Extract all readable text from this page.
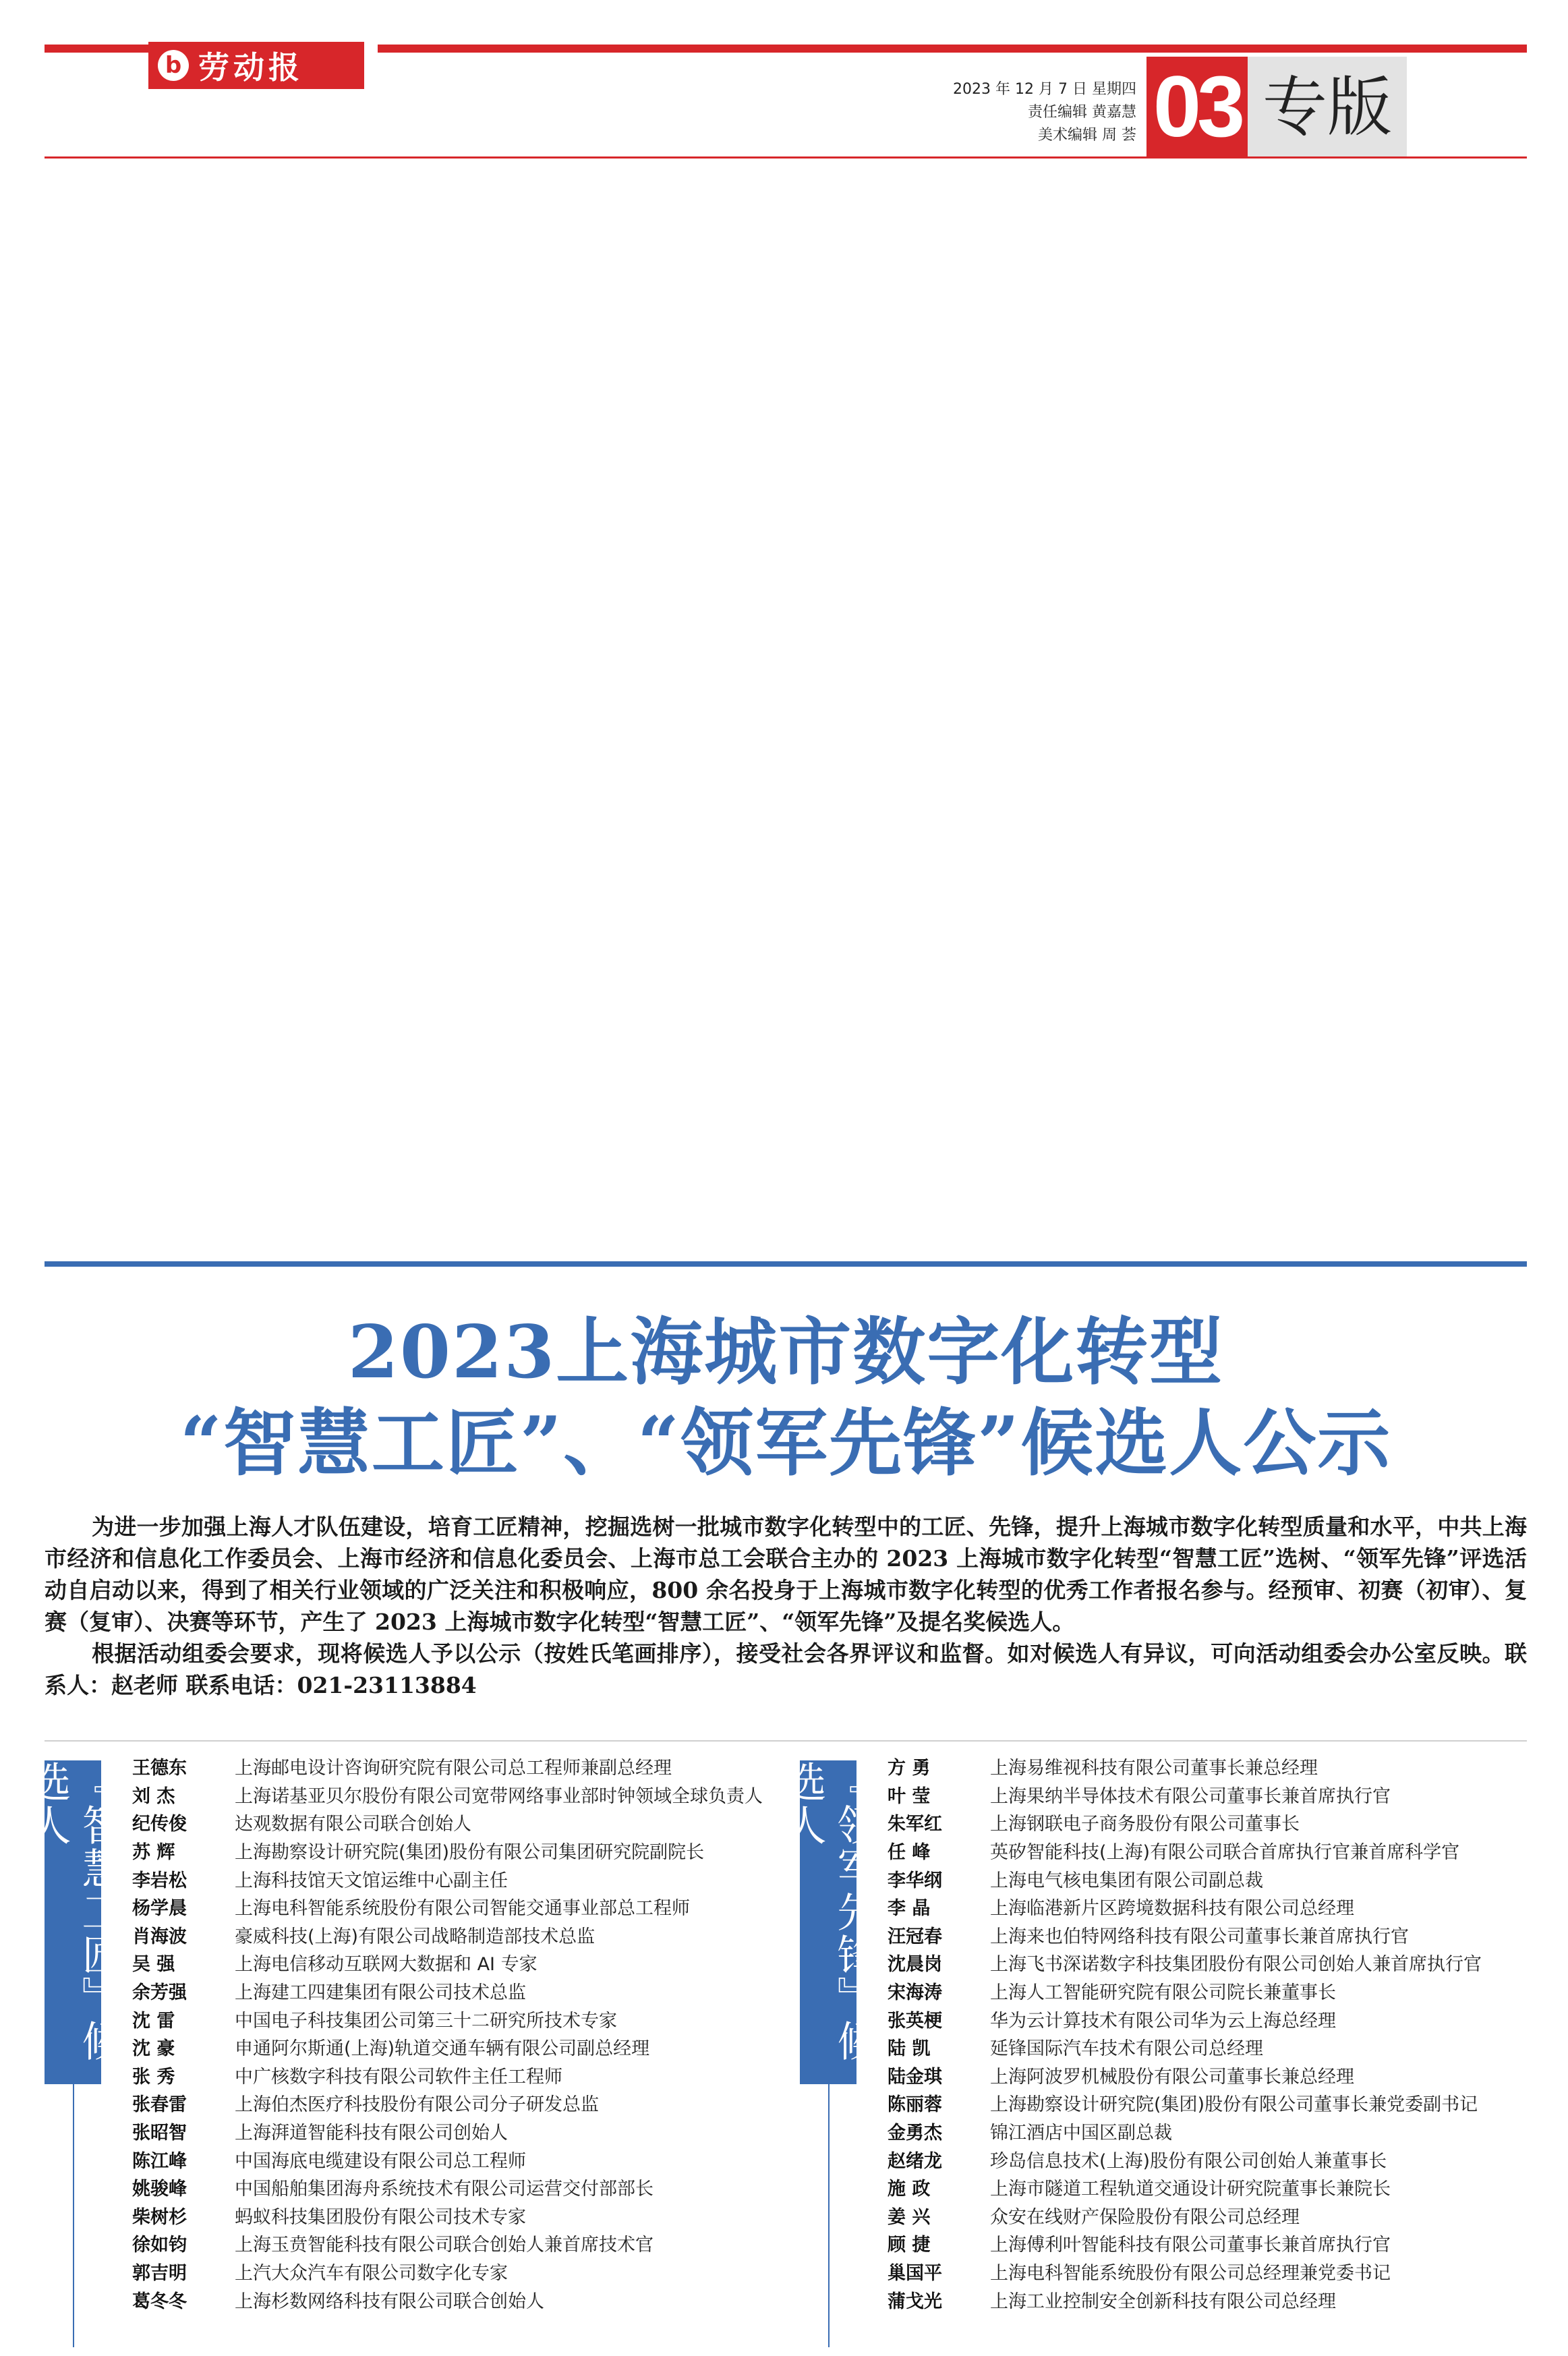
b 劳动报
2023 年 12 月 7 日 星期四
责任编辑 黄嘉慧
美术编辑 周 荟 03 专版
2023上海城市数字化转型
“智慧工匠”、“领军先锋”候选人公示

为进一步加强上海人才队伍建设，培育工匠精神，挖掘选树一批城市数字化转型中的工匠、先锋，提升上海城市数字化转型质量和水平，中共上海市经济和信息化工作委员会、上海市经济和信息化委员会、上海市总工会联合主办的 2023 上海城市数字化转型“智慧工匠”选树、“领军先锋”评选活动自启动以来，得到了相关行业领域的广泛关注和积极响应，800 余名投身于上海城市数字化转型的优秀工作者报名参与。经预审、初赛（初审）、复赛（复审）、决赛等环节，产生了 2023 上海城市数字化转型“智慧工匠”、“领军先锋”及提名奖候选人。

根据活动组委会要求，现将候选人予以公示（按姓氏笔画排序），接受社会各界评议和监督。如对候选人有异议，可向活动组委会办公室反映。联系人：赵老师 联系电话：021-23113884

『智慧工匠』候选人	王德东	上海邮电设计咨询研究院有限公司总工程师兼副总经理
刘 杰	上海诺基亚贝尔股份有限公司宽带网络事业部时钟领域全球负责人
纪传俊	达观数据有限公司联合创始人
苏 辉	上海勘察设计研究院(集团)股份有限公司集团研究院副院长
李岩松	上海科技馆天文馆运维中心副主任
杨学晨	上海电科智能系统股份有限公司智能交通事业部总工程师
肖海波	豪威科技(上海)有限公司战略制造部技术总监
吴 强	上海电信移动互联网大数据和 AI 专家
余芳强	上海建工四建集团有限公司技术总监
沈 雷	中国电子科技集团公司第三十二研究所技术专家
沈 豪	申通阿尔斯通(上海)轨道交通车辆有限公司副总经理
张 秀	中广核数字科技有限公司软件主任工程师
张春雷	上海伯杰医疗科技股份有限公司分子研发总监
张昭智	上海湃道智能科技有限公司创始人
陈江峰	中国海底电缆建设有限公司总工程师
姚骏峰	中国船舶集团海舟系统技术有限公司运营交付部部长
柴树杉	蚂蚁科技集团股份有限公司技术专家
徐如钧	上海玉贲智能科技有限公司联合创始人兼首席技术官
郭吉明	上汽大众汽车有限公司数字化专家
葛冬冬	上海杉数网络科技有限公司联合创始人
『领军先锋』候选人	方 勇	上海易维视科技有限公司董事长兼总经理
叶 莹	上海果纳半导体技术有限公司董事长兼首席执行官
朱军红	上海钢联电子商务股份有限公司董事长
任 峰	英矽智能科技(上海)有限公司联合首席执行官兼首席科学官
李华纲	上海电气核电集团有限公司副总裁
李 晶	上海临港新片区跨境数据科技有限公司总经理
汪冠春	上海来也伯特网络科技有限公司董事长兼首席执行官
沈晨岗	上海飞书深诺数字科技集团股份有限公司创始人兼首席执行官
宋海涛	上海人工智能研究院有限公司院长兼董事长
张英梗	华为云计算技术有限公司华为云上海总经理
陆 凯	延锋国际汽车技术有限公司总经理
陆金琪	上海阿波罗机械股份有限公司董事长兼总经理
陈丽蓉	上海勘察设计研究院(集团)股份有限公司董事长兼党委副书记
金勇杰	锦江酒店中国区副总裁
赵绪龙	珍岛信息技术(上海)股份有限公司创始人兼董事长
施 政	上海市隧道工程轨道交通设计研究院董事长兼院长
姜 兴	众安在线财产保险股份有限公司总经理
顾 捷	上海傅利叶智能科技有限公司董事长兼首席执行官
巢国平	上海电科智能系统股份有限公司总经理兼党委书记
蒲戈光	上海工业控制安全创新科技有限公司总经理
